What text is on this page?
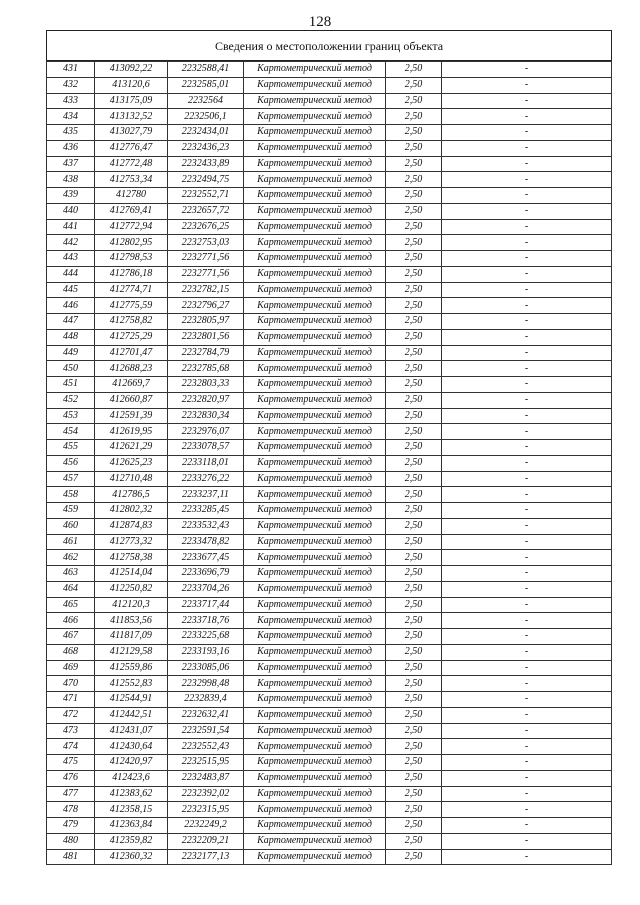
128
Сведения о местоположении границ объекта
431	413092,22	2232588,41	Картометрический метод	2,50	-
432	413120,6	2232585,01	Картометрический метод	2,50	-
433	413175,09	2232564	Картометрический метод	2,50	-
434	413132,52	2232506,1	Картометрический метод	2,50	-
435	413027,79	2232434,01	Картометрический метод	2,50	-
436	412776,47	2232436,23	Картометрический метод	2,50	-
437	412772,48	2232433,89	Картометрический метод	2,50	-
438	412753,34	2232494,75	Картометрический метод	2,50	-
439	412780	2232552,71	Картометрический метод	2,50	-
440	412769,41	2232657,72	Картометрический метод	2,50	-
441	412772,94	2232676,25	Картометрический метод	2,50	-
442	412802,95	2232753,03	Картометрический метод	2,50	-
443	412798,53	2232771,56	Картометрический метод	2,50	-
444	412786,18	2232771,56	Картометрический метод	2,50	-
445	412774,71	2232782,15	Картометрический метод	2,50	-
446	412775,59	2232796,27	Картометрический метод	2,50	-
447	412758,82	2232805,97	Картометрический метод	2,50	-
448	412725,29	2232801,56	Картометрический метод	2,50	-
449	412701,47	2232784,79	Картометрический метод	2,50	-
450	412688,23	2232785,68	Картометрический метод	2,50	-
451	412669,7	2232803,33	Картометрический метод	2,50	-
452	412660,87	2232820,97	Картометрический метод	2,50	-
453	412591,39	2232830,34	Картометрический метод	2,50	-
454	412619,95	2232976,07	Картометрический метод	2,50	-
455	412621,29	2233078,57	Картометрический метод	2,50	-
456	412625,23	2233118,01	Картометрический метод	2,50	-
457	412710,48	2233276,22	Картометрический метод	2,50	-
458	412786,5	2233237,11	Картометрический метод	2,50	-
459	412802,32	2233285,45	Картометрический метод	2,50	-
460	412874,83	2233532,43	Картометрический метод	2,50	-
461	412773,32	2233478,82	Картометрический метод	2,50	-
462	412758,38	2233677,45	Картометрический метод	2,50	-
463	412514,04	2233696,79	Картометрический метод	2,50	-
464	412250,82	2233704,26	Картометрический метод	2,50	-
465	412120,3	2233717,44	Картометрический метод	2,50	-
466	411853,56	2233718,76	Картометрический метод	2,50	-
467	411817,09	2233225,68	Картометрический метод	2,50	-
468	412129,58	2233193,16	Картометрический метод	2,50	-
469	412559,86	2233085,06	Картометрический метод	2,50	-
470	412552,83	2232998,48	Картометрический метод	2,50	-
471	412544,91	2232839,4	Картометрический метод	2,50	-
472	412442,51	2232632,41	Картометрический метод	2,50	-
473	412431,07	2232591,54	Картометрический метод	2,50	-
474	412430,64	2232552,43	Картометрический метод	2,50	-
475	412420,97	2232515,95	Картометрический метод	2,50	-
476	412423,6	2232483,87	Картометрический метод	2,50	-
477	412383,62	2232392,02	Картометрический метод	2,50	-
478	412358,15	2232315,95	Картометрический метод	2,50	-
479	412363,84	2232249,2	Картометрический метод	2,50	-
480	412359,82	2232209,21	Картометрический метод	2,50	-
481	412360,32	2232177,13	Картометрический метод	2,50	-
